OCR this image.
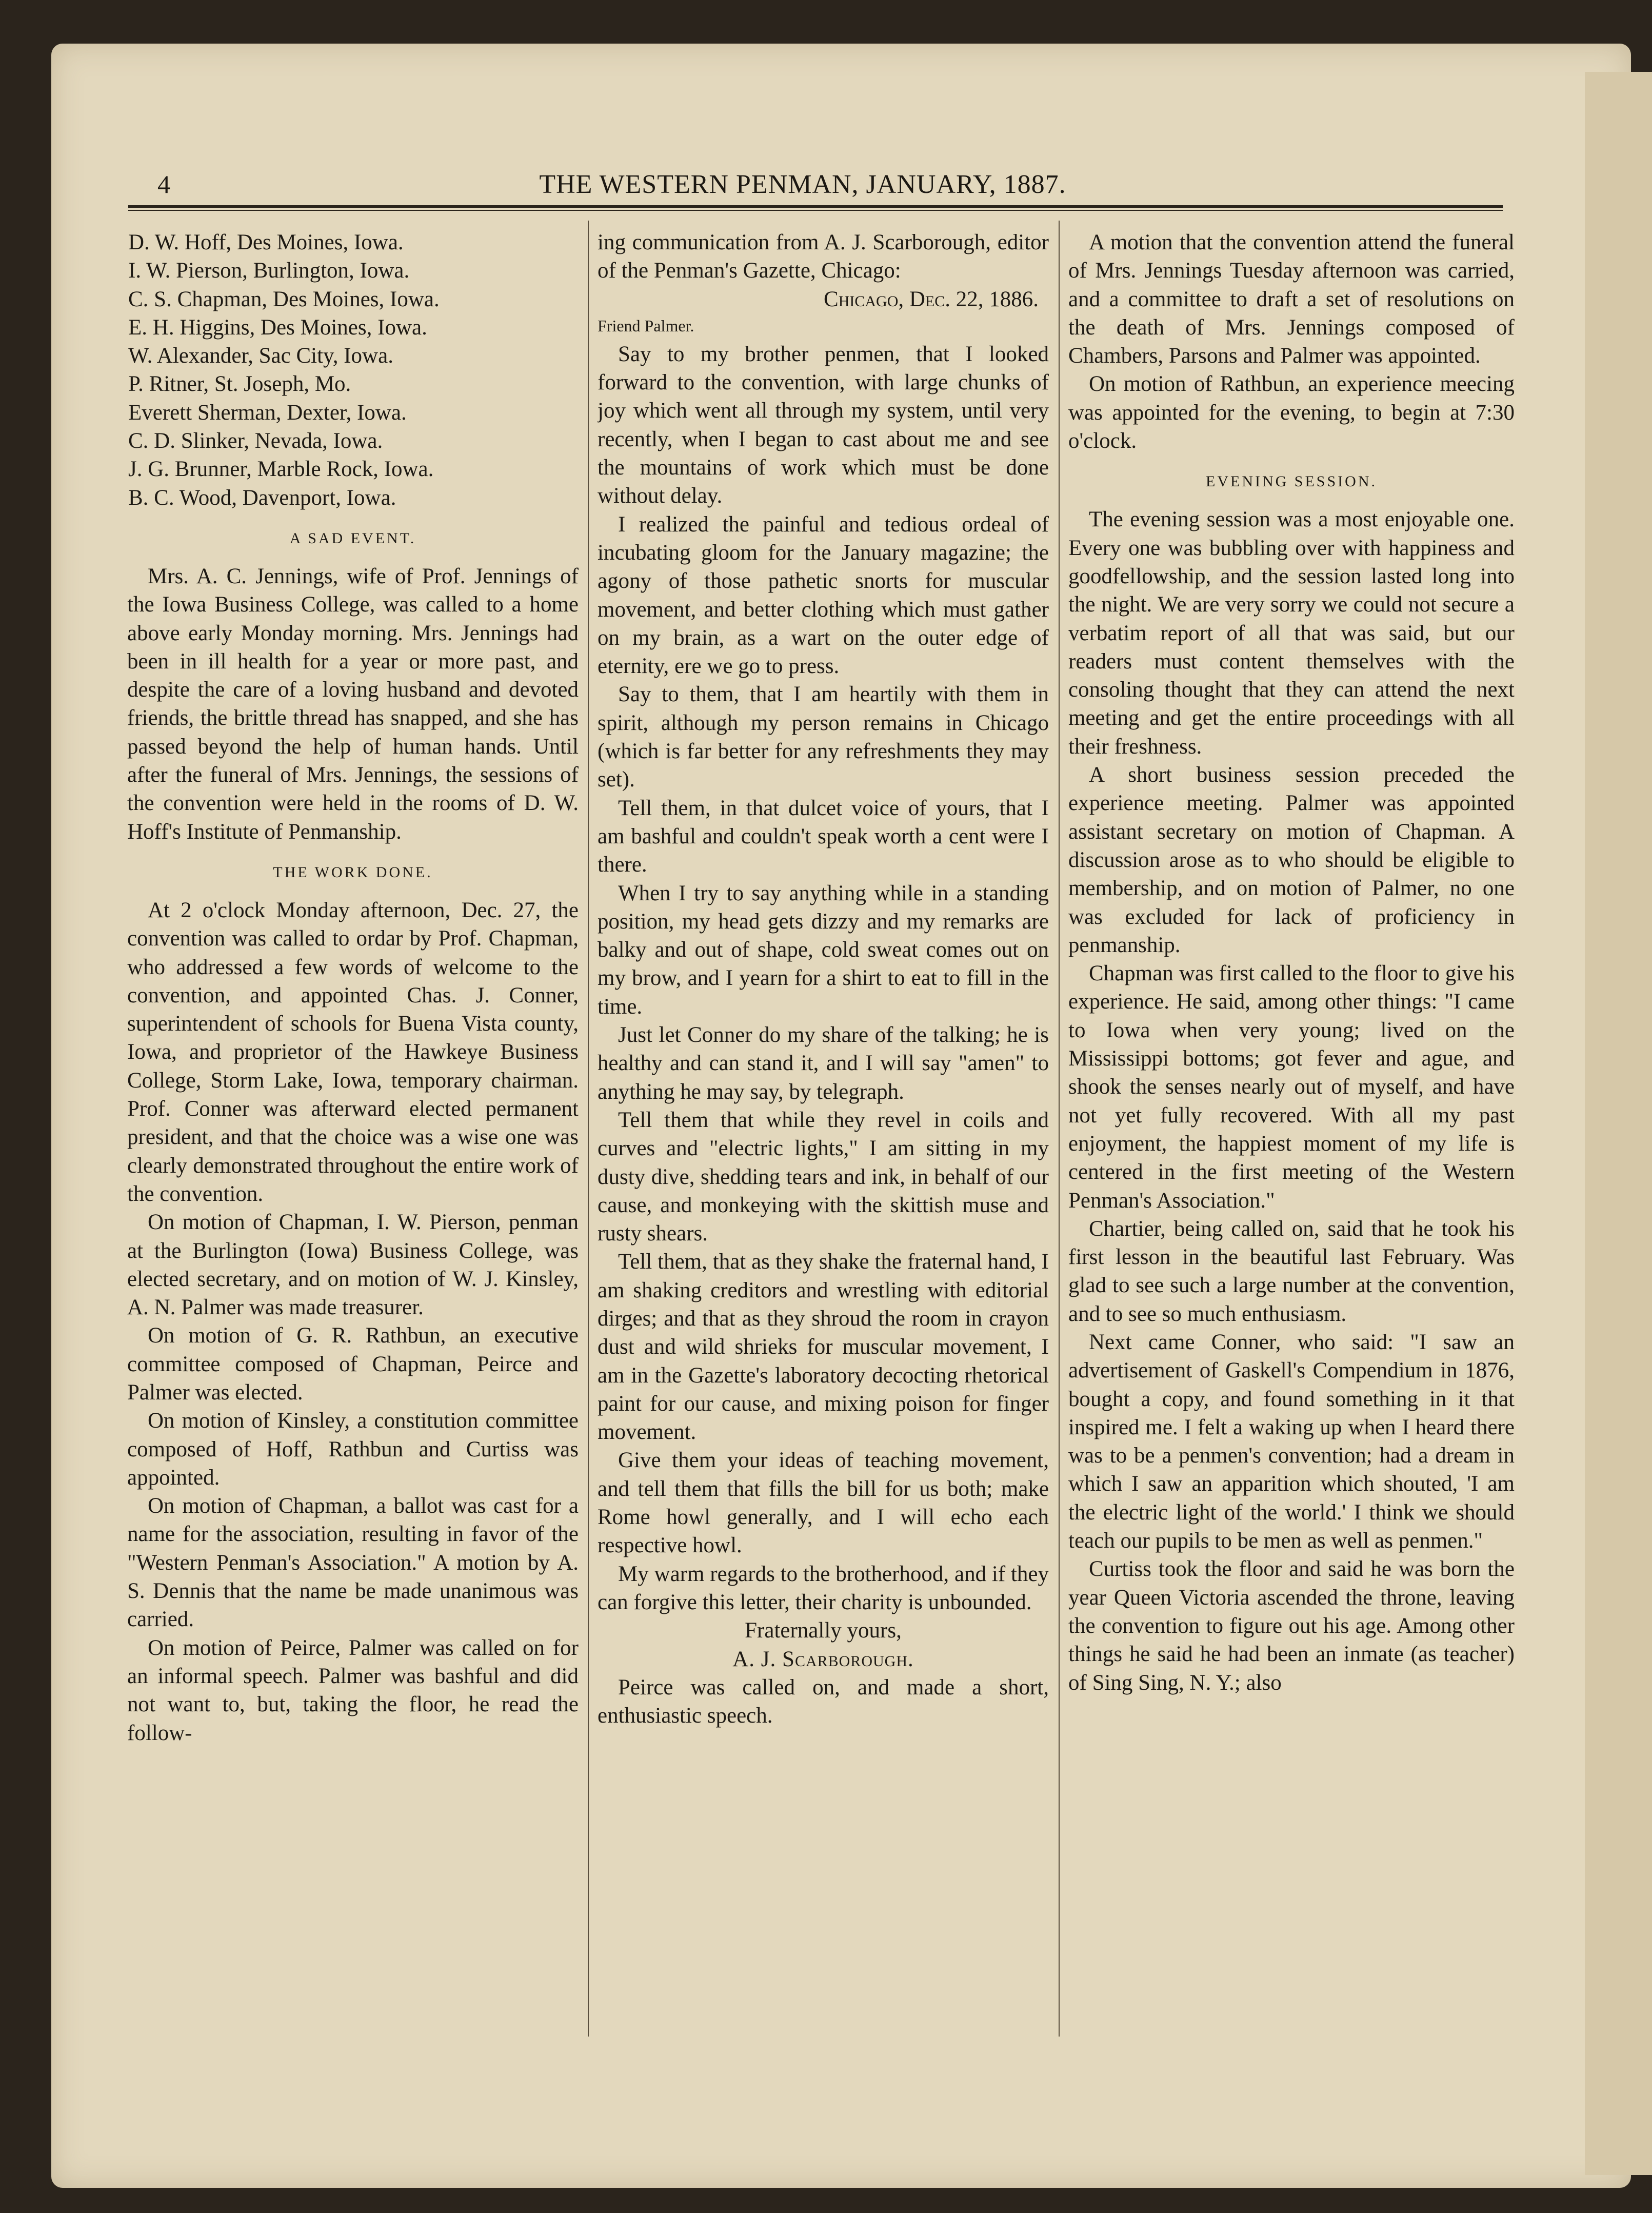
4	THE WESTERN PENMAN, JANUARY, 1887.
D. W. Hoff, Des Moines, Iowa.
I. W. Pierson, Burlington, Iowa.
C. S. Chapman, Des Moines, Iowa.
E. H. Higgins, Des Moines, Iowa.
W. Alexander, Sac City, Iowa.
P. Ritner, St. Joseph, Mo.
Everett Sherman, Dexter, Iowa.
C. D. Slinker, Nevada, Iowa.
J. G. Brunner, Marble Rock, Iowa.
B. C. Wood, Davenport, Iowa.
A SAD EVENT.
Mrs. A. C. Jennings, wife of Prof. Jennings of the Iowa Business College, was called to a home above early Monday morning. Mrs. Jennings had been in ill health for a year or more past, and despite the care of a loving husband and devoted friends, the brittle thread has snapped, and she has passed beyond the help of human hands. Until after the funeral of Mrs. Jennings, the sessions of the convention were held in the rooms of D. W. Hoff's Institute of Penmanship.
THE WORK DONE.
At 2 o'clock Monday afternoon, Dec. 27, the convention was called to ordar by Prof. Chapman, who addressed a few words of welcome to the convention, and appointed Chas. J. Conner, superintendent of schools for Buena Vista county, Iowa, and proprietor of the Hawkeye Business College, Storm Lake, Iowa, temporary chairman. Prof. Conner was afterward elected permanent president, and that the choice was a wise one was clearly demonstrated throughout the entire work of the convention.
On motion of Chapman, I. W. Pierson, penman at the Burlington (Iowa) Business College, was elected secretary, and on motion of W. J. Kinsley, A. N. Palmer was made treasurer.
On motion of G. R. Rathbun, an executive committee composed of Chapman, Peirce and Palmer was elected.
On motion of Kinsley, a constitution committee composed of Hoff, Rathbun and Curtiss was appointed.
On motion of Chapman, a ballot was cast for a name for the association, resulting in favor of the "Western Penman's Association." A motion by A. S. Dennis that the name be made unanimous was carried.
On motion of Peirce, Palmer was called on for an informal speech. Palmer was bashful and did not want to, but, taking the floor, he read the follow-
ing communication from A. J. Scarborough, editor of the Penman's Gazette, Chicago:
Chicago, Dec. 22, 1886.
Friend Palmer.
Say to my brother penmen, that I looked forward to the convention, with large chunks of joy which went all through my system, until very recently, when I began to cast about me and see the mountains of work which must be done without delay.
I realized the painful and tedious ordeal of incubating gloom for the January magazine; the agony of those pathetic snorts for muscular movement, and better clothing which must gather on my brain, as a wart on the outer edge of eternity, ere we go to press.
Say to them, that I am heartily with them in spirit, although my person remains in Chicago (which is far better for any refreshments they may set).
Tell them, in that dulcet voice of yours, that I am bashful and couldn't speak worth a cent were I there.
When I try to say anything while in a standing position, my head gets dizzy and my remarks are balky and out of shape, cold sweat comes out on my brow, and I yearn for a shirt to eat to fill in the time.
Just let Conner do my share of the talking; he is healthy and can stand it, and I will say "amen" to anything he may say, by telegraph.
Tell them that while they revel in coils and curves and "electric lights," I am sitting in my dusty dive, shedding tears and ink, in behalf of our cause, and monkeying with the skittish muse and rusty shears.
Tell them, that as they shake the fraternal hand, I am shaking creditors and wrestling with editorial dirges; and that as they shroud the room in crayon dust and wild shrieks for muscular movement, I am in the Gazette's laboratory decocting rhetorical paint for our cause, and mixing poison for finger movement.
Give them your ideas of teaching movement, and tell them that fills the bill for us both; make Rome howl generally, and I will echo each respective howl.
My warm regards to the brotherhood, and if they can forgive this letter, their charity is unbounded.
Fraternally yours,
A. J. Scarborough.
Peirce was called on, and made a short, enthusiastic speech.
A motion that the convention attend the funeral of Mrs. Jennings Tuesday afternoon was carried, and a committee to draft a set of resolutions on the death of Mrs. Jennings composed of Chambers, Parsons and Palmer was appointed.
On motion of Rathbun, an experience meecing was appointed for the evening, to begin at 7:30 o'clock.
EVENING SESSION.
The evening session was a most enjoyable one. Every one was bubbling over with happiness and goodfellowship, and the session lasted long into the night. We are very sorry we could not secure a verbatim report of all that was said, but our readers must content themselves with the consoling thought that they can attend the next meeting and get the entire proceedings with all their freshness.
A short business session preceded the experience meeting. Palmer was appointed assistant secretary on motion of Chapman. A discussion arose as to who should be eligible to membership, and on motion of Palmer, no one was excluded for lack of proficiency in penmanship.
Chapman was first called to the floor to give his experience. He said, among other things: "I came to Iowa when very young; lived on the Mississippi bottoms; got fever and ague, and shook the senses nearly out of myself, and have not yet fully recovered. With all my past enjoyment, the happiest moment of my life is centered in the first meeting of the Western Penman's Association."
Chartier, being called on, said that he took his first lesson in the beautiful last February. Was glad to see such a large number at the convention, and to see so much enthusiasm.
Next came Conner, who said: "I saw an advertisement of Gaskell's Compendium in 1876, bought a copy, and found something in it that inspired me. I felt a waking up when I heard there was to be a penmen's convention; had a dream in which I saw an apparition which shouted, 'I am the electric light of the world.' I think we should teach our pupils to be men as well as penmen."
Curtiss took the floor and said he was born the year Queen Victoria ascended the throne, leaving the convention to figure out his age. Among other things he said he had been an inmate (as teacher) of Sing Sing, N. Y.; also
